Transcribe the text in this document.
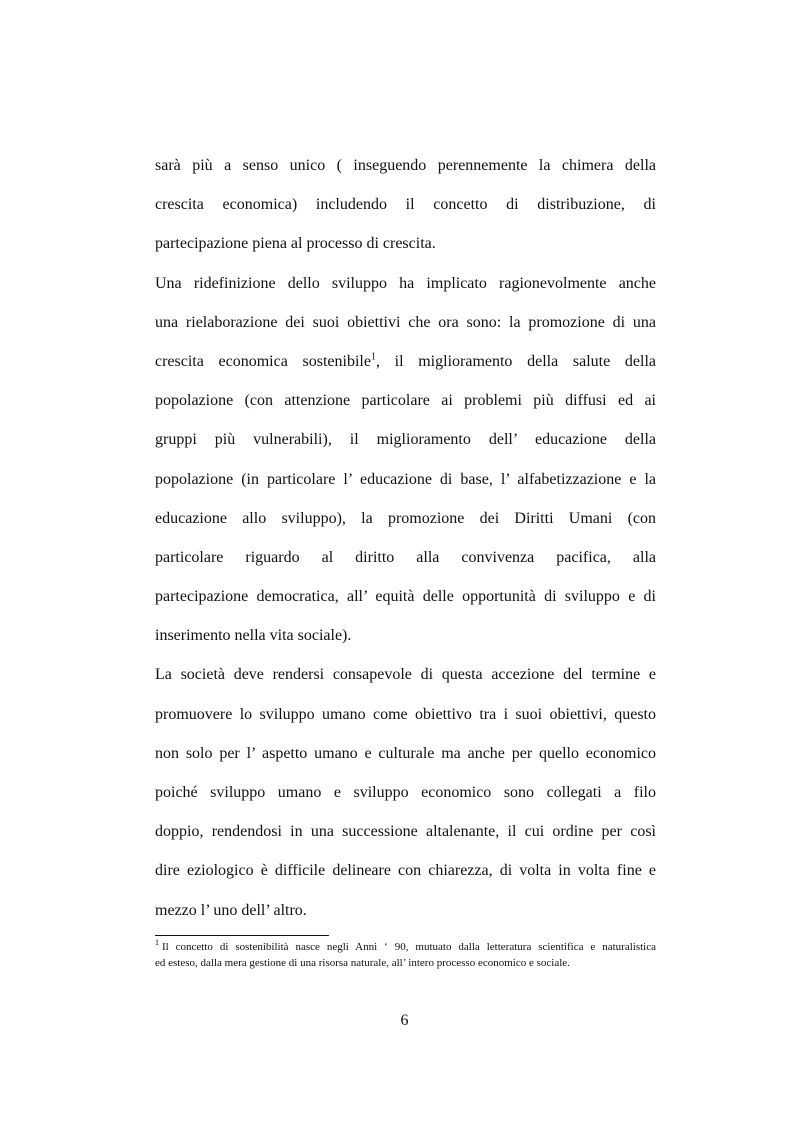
sarà più a senso unico ( inseguendo perennemente la chimera della
crescita economica) includendo il concetto di distribuzione, di
partecipazione piena al processo di crescita.
Una ridefinizione dello sviluppo ha implicato ragionevolmente anche
una rielaborazione dei suoi obiettivi che ora sono: la promozione di una
crescita economica sostenibile$^1$, il miglioramento della salute della
popolazione (con attenzione particolare ai problemi più diffusi ed ai
gruppi più vulnerabili), il miglioramento dell’ educazione della
popolazione (in particolare l’ educazione di base, l’ alfabetizzazione e la
educazione allo sviluppo), la promozione dei Diritti Umani (con
particolare riguardo al diritto alla convivenza pacifica, alla
partecipazione democratica, all’ equità delle opportunità di sviluppo e di
inserimento nella vita sociale).
La società deve rendersi consapevole di questa accezione del termine e
promuovere lo sviluppo umano come obiettivo tra i suoi obiettivi, questo
non solo per l’ aspetto umano e culturale ma anche per quello economico
poiché sviluppo umano e sviluppo economico sono collegati a filo
doppio, rendendosi in una successione altalenante, il cui ordine per così
dire eziologico è difficile delineare con chiarezza, di volta in volta fine e
mezzo l’ uno dell’ altro.
$^1$ Il concetto di sostenibilità nasce negli Anni ‘ 90, mutuato dalla letteratura scientifica e naturalistica
ed esteso, dalla mera gestione di una risorsa naturale, all’ intero processo economico e sociale.
6
